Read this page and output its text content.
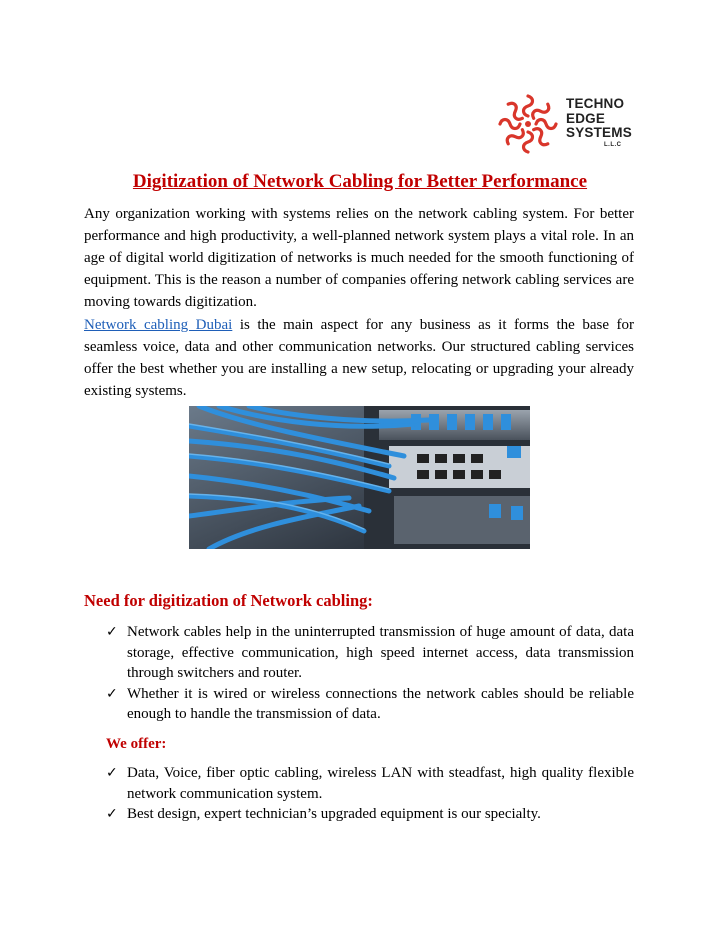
TECHNO
EDGE
SYSTEMS
L.L.C
Digitization of Network Cabling for Better Performance

Any organization working with systems relies on the network cabling system. For better performance and high productivity, a well-planned network system plays a vital role. In an age of digital world digitization of networks is much needed for the smooth functioning of equipment. This is the reason a number of companies offering network cabling services are moving towards digitization.

Network cabling Dubai is the main aspect for any business as it forms the base for seamless voice, data and other communication networks. Our structured cabling services offer the best whether you are installing a new setup, relocating or upgrading your already existing systems.

Need for digitization of Network cabling:
✓ Network cables help in the uninterrupted transmission of huge amount of data, data storage, effective communication, high speed internet access, data transmission through switchers and router.
✓ Whether it is wired or wireless connections the network cables should be reliable enough to handle the transmission of data.
We offer:
✓ Data, Voice, fiber optic cabling, wireless LAN with steadfast, high quality flexible network communication system.
✓ Best design, expert technician’s upgraded equipment is our specialty.
